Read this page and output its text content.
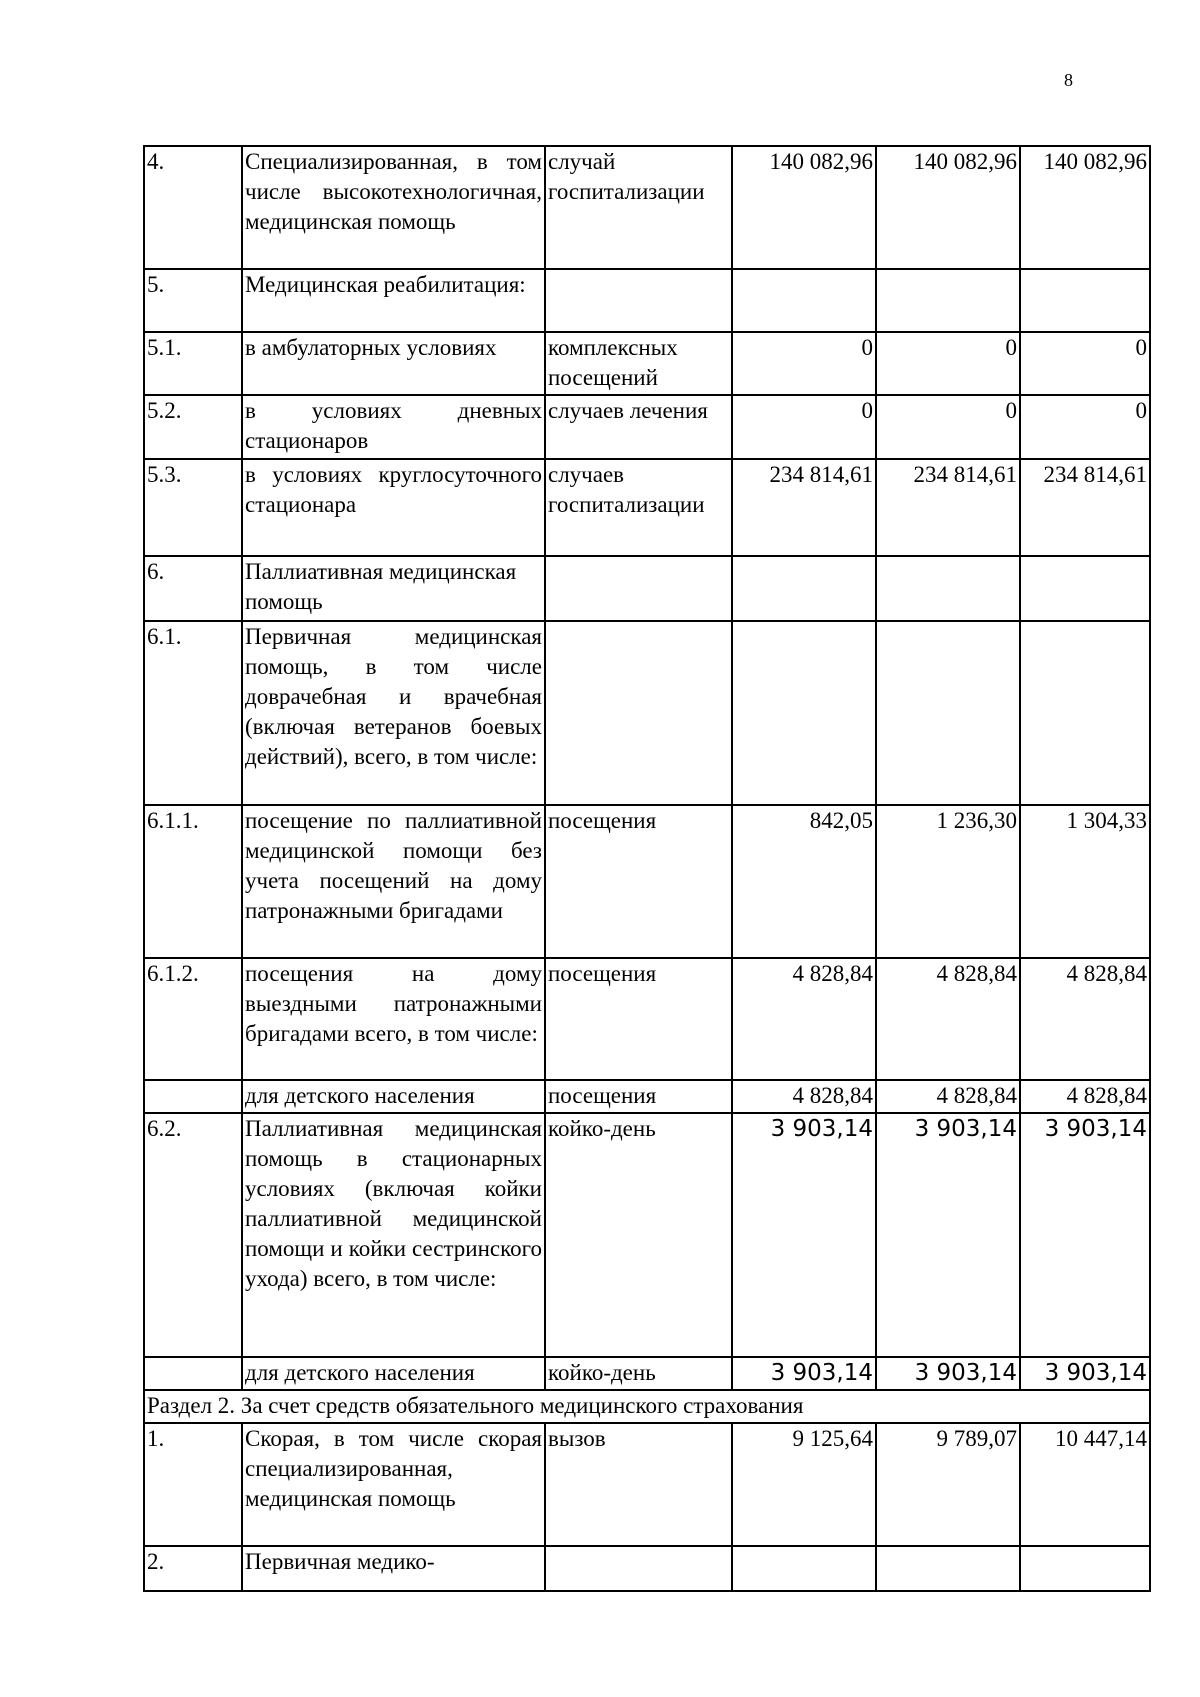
8
4.	Специализированная, в том числе высокотехнологичная, медицинская помощь	случай госпитализации	140 082,96	140 082,96	140 082,96
5.	Медицинская реабилитация:				
5.1.	в амбулаторных условиях	комплексных посещений	0	0	0
5.2.	в условиях дневных стационаров	случаев лечения	0	0	0
5.3.	в условиях круглосуточного стационара	случаев госпитализации	234 814,61	234 814,61	234 814,61
6.	Паллиативная медицинская помощь				
6.1.	Первичная медицинская помощь, в том числе доврачебная и врачебная (включая ветеранов боевых действий), всего, в том числе:				
6.1.1.	посещение по паллиативной медицинской помощи без учета посещений на дому патронажными бригадами	посещения	842,05	1 236,30	1 304,33
6.1.2.	посещения на дому выездными патронажными бригадами всего, в том числе:	посещения	4 828,84	4 828,84	4 828,84
	для детского населения	посещения	4 828,84	4 828,84	4 828,84
6.2.	Паллиативная медицинская помощь в стационарных условиях (включая койки паллиативной медицинской помощи и койки сестринского ухода) всего, в том числе:	койко-день	3 903,14	3 903,14	3 903,14
	для детского населения	койко-день	3 903,14	3 903,14	3 903,14
Раздел 2. За счет средств обязательного медицинского страхования					
1.	Скорая, в том числе скорая специализированная, медицинская помощь	вызов	9 125,64	9 789,07	10 447,14
2.	Первичная медико-				
